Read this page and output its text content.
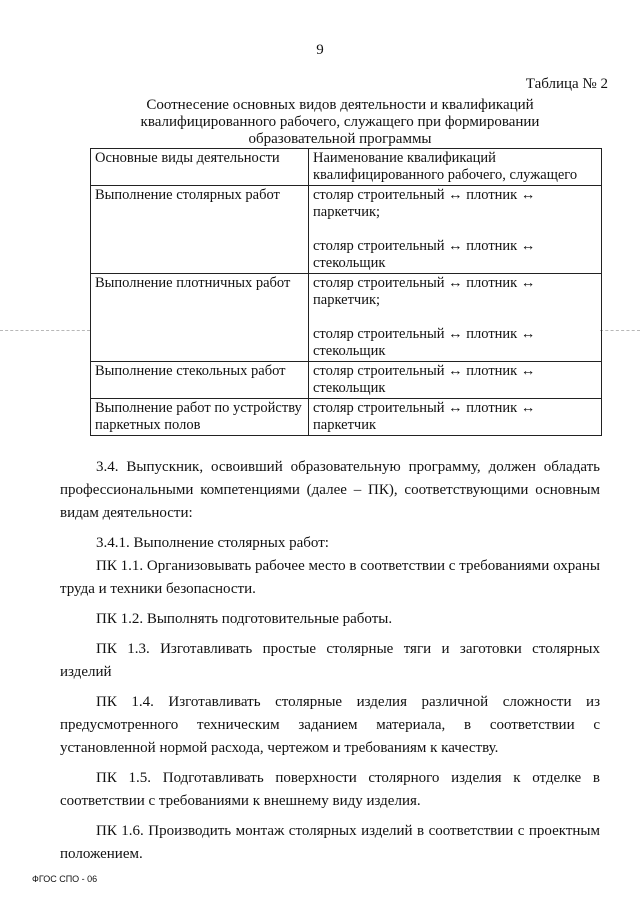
9
Таблица № 2
Соотнесение основных видов деятельности и квалификаций
квалифицированного рабочего, служащего при формировании
образовательной программы
Основные виды деятельности	Наименование квалификаций квалифицированного рабочего, служащего
Выполнение столярных работ	столяр строительный ↔ плотник ↔
паркетчик;
столяр строительный ↔ плотник ↔
стекольщик

Выполнение плотничных работ	столяр строительный ↔ плотник ↔
паркетчик;
столяр строительный ↔ плотник ↔
стекольщик

Выполнение стекольных работ	столяр строительный ↔ плотник ↔
стекольщик

Выполнение работ по устройству паркетных полов	столяр строительный ↔ плотник ↔
паркетчик

3.4. Выпускник, освоивший образовательную программу, должен обладать профессиональными компетенциями (далее – ПК), соответствующими основным видам деятельности:

3.4.1. Выполнение столярных работ:

ПК 1.1. Организовывать рабочее место в соответствии с требованиями охраны труда и техники безопасности.

ПК 1.2. Выполнять подготовительные работы.

ПК 1.3. Изготавливать простые столярные тяги и заготовки столярных изделий

ПК 1.4. Изготавливать столярные изделия различной сложности из предусмотренного техническим заданием материала, в соответствии с установленной нормой расхода, чертежом и требованиям к качеству.

ПК 1.5. Подготавливать поверхности столярного изделия к отделке в соответствии с требованиями к внешнему виду изделия.

ПК 1.6. Производить монтаж столярных изделий в соответствии с проектным положением.

ФГОС СПО - 06
